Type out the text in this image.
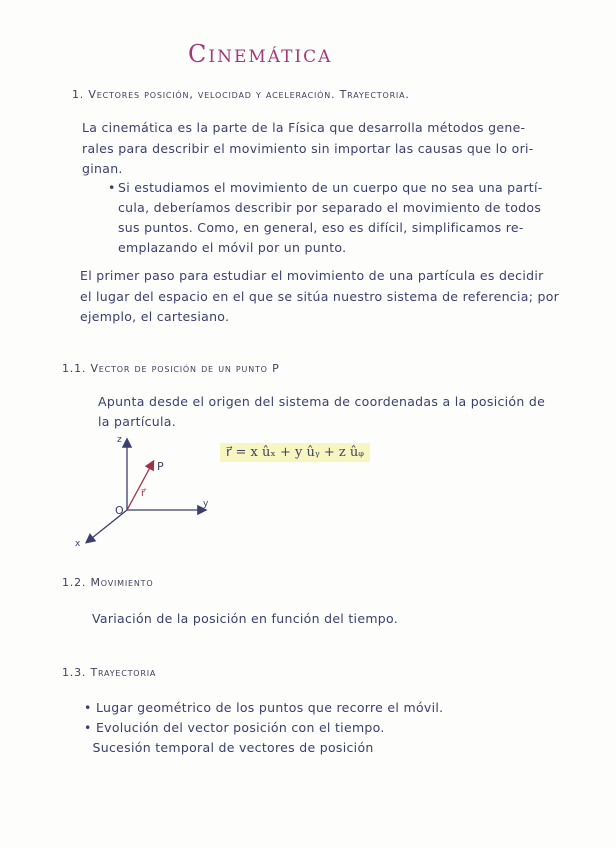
Cinemática
1. Vectores posición, velocidad y aceleración. Trayectoria.
La cinemática es la parte de la Física que desarrolla métodos gene-
rales para describir el movimiento sin importar las causas que lo ori-
ginan.
Si estudiamos el movimiento de un cuerpo que no sea una partí-
•
cula, deberíamos describir por separado el movimiento de todos
sus puntos. Como, en general, eso es difícil, simplificamos re-
emplazando el móvil por un punto.
El primer paso para estudiar el movimiento de una partícula es decidir
el lugar del espacio en el que se sitúa nuestro sistema de referencia; por
ejemplo, el cartesiano.
1.1. Vector de posición de un punto P
Apunta desde el origen del sistema de coordenadas a la posición de
la partícula.
z
y
x
O
P
r⃗
r⃗ = x ûₓ + y ûᵧ + z ûᵩ
1.2. Movimiento
Variación de la posición en función del tiempo.
1.3. Trayectoria
• Lugar geométrico de los puntos que recorre el móvil.
• Evolución del vector posición con el tiempo.
Sucesión temporal de vectores de posición
